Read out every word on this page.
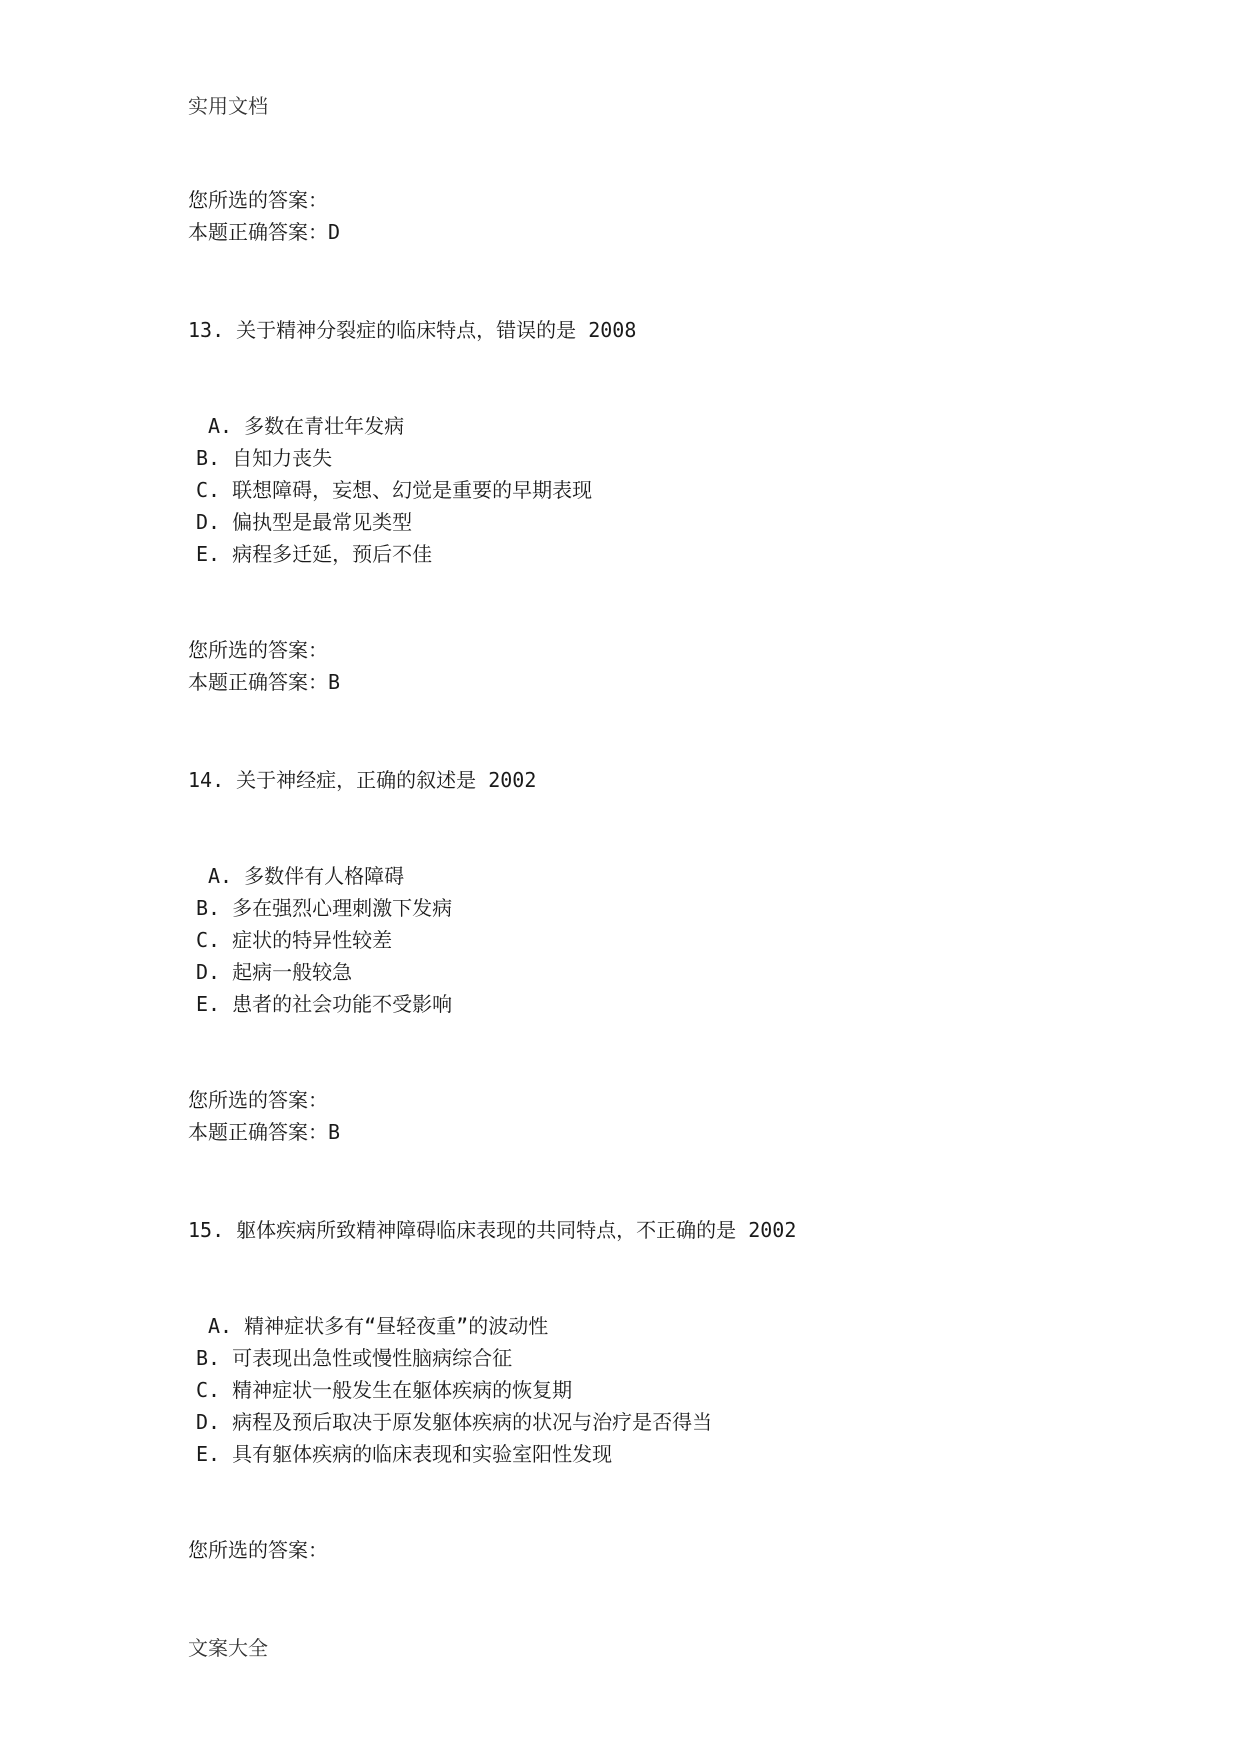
实用文档
您所选的答案：
本题正确答案：D
13. 关于精神分裂症的临床特点，错误的是 2008
A. 多数在青壮年发病
B. 自知力丧失
C. 联想障碍，妄想、幻觉是重要的早期表现
D. 偏执型是最常见类型
E. 病程多迁延，预后不佳
您所选的答案：
本题正确答案：B
14. 关于神经症，正确的叙述是 2002
A. 多数伴有人格障碍
B. 多在强烈心理刺激下发病
C. 症状的特异性较差
D. 起病一般较急
E. 患者的社会功能不受影响
您所选的答案：
本题正确答案：B
15. 躯体疾病所致精神障碍临床表现的共同特点，不正确的是 2002
A. 精神症状多有“昼轻夜重”的波动性
B. 可表现出急性或慢性脑病综合征
C. 精神症状一般发生在躯体疾病的恢复期
D. 病程及预后取决于原发躯体疾病的状况与治疗是否得当
E. 具有躯体疾病的临床表现和实验室阳性发现
您所选的答案：
文案大全
